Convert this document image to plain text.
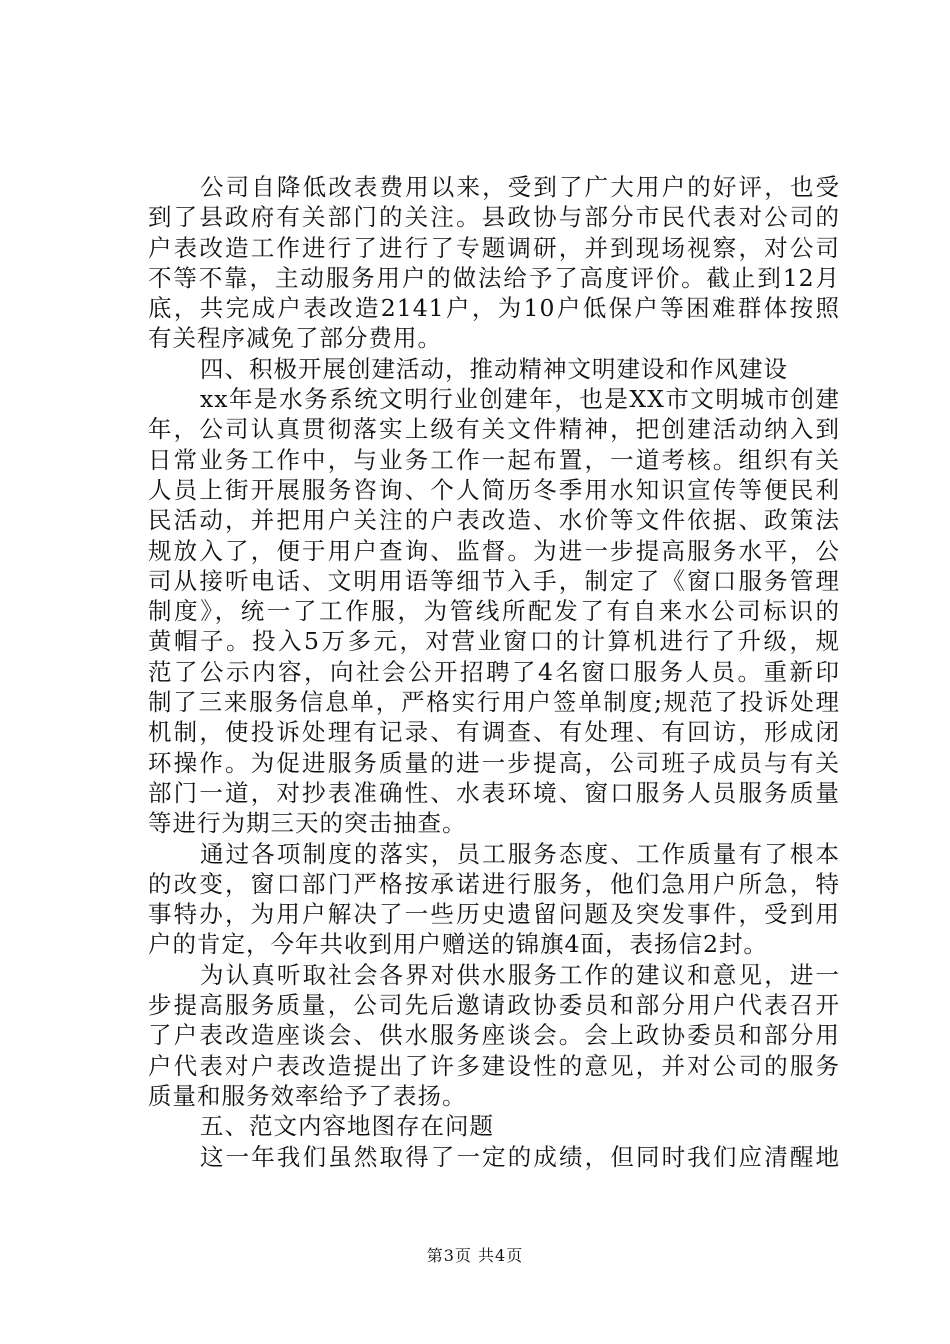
公司自降低改表费用以来，受到了广大用户的好评，也受
到了县政府有关部门的关注。县政协与部分市民代表对公司的
户表改造工作进行了进行了专题调研，并到现场视察，对公司
不等不靠，主动服务用户的做法给予了高度评价。截止到12月
底，共完成户表改造2141户，为10户低保户等困难群体按照
有关程序减免了部分费用。
四、积极开展创建活动，推动精神文明建设和作风建设
xx年是水务系统文明行业创建年，也是XX市文明城市创建
年，公司认真贯彻落实上级有关文件精神，把创建活动纳入到
日常业务工作中，与业务工作一起布置，一道考核。组织有关
人员上街开展服务咨询、个人简历冬季用水知识宣传等便民利
民活动，并把用户关注的户表改造、水价等文件依据、政策法
规放入了，便于用户查询、监督。为进一步提高服务水平，公
司从接听电话、文明用语等细节入手，制定了《窗口服务管理
制度》，统一了工作服，为管线所配发了有自来水公司标识的
黄帽子。投入5万多元，对营业窗口的计算机进行了升级，规
范了公示内容，向社会公开招聘了4名窗口服务人员。重新印
制了三来服务信息单，严格实行用户签单制度;规范了投诉处理
机制，使投诉处理有记录、有调查、有处理、有回访，形成闭
环操作。为促进服务质量的进一步提高，公司班子成员与有关
部门一道，对抄表准确性、水表环境、窗口服务人员服务质量
等进行为期三天的突击抽查。
通过各项制度的落实，员工服务态度、工作质量有了根本
的改变，窗口部门严格按承诺进行服务，他们急用户所急，特
事特办，为用户解决了一些历史遗留问题及突发事件，受到用
户的肯定，今年共收到用户赠送的锦旗4面，表扬信2封。
为认真听取社会各界对供水服务工作的建议和意见，进一
步提高服务质量，公司先后邀请政协委员和部分用户代表召开
了户表改造座谈会、供水服务座谈会。会上政协委员和部分用
户代表对户表改造提出了许多建设性的意见，并对公司的服务
质量和服务效率给予了表扬。
五、范文内容地图存在问题
这一年我们虽然取得了一定的成绩，但同时我们应清醒地
第3页 共4页
